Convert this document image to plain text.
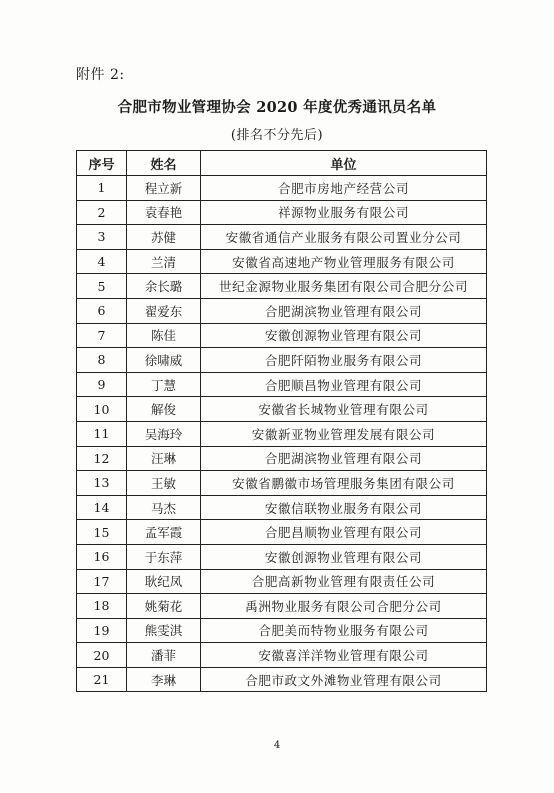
附件 2:
合肥市物业管理协会 2020 年度优秀通讯员名单
(排名不分先后)
序号	姓名	单位
1	程立新	合肥市房地产经营公司
2	袁春艳	祥源物业服务有限公司
3	苏健	安徽省通信产业服务有限公司置业分公司
4	兰清	安徽省高速地产物业管理服务有限公司
5	余长璐	世纪金源物业服务集团有限公司合肥分公司
6	翟爱东	合肥湖滨物业管理有限公司
7	陈佳	安徽创源物业管理有限公司
8	徐啸威	合肥阡陌物业服务有限公司
9	丁慧	合肥顺昌物业管理有限公司
10	解俊	安徽省长城物业管理有限公司
11	吴海玲	安徽新亚物业管理发展有限公司
12	汪琳	合肥湖滨物业管理有限公司
13	王敏	安徽省鹏徽市场管理服务集团有限公司
14	马杰	安徽信联物业服务有限公司
15	孟军霞	合肥昌顺物业管理有限公司
16	于东萍	安徽创源物业管理有限公司
17	耿纪凤	合肥高新物业管理有限责任公司
18	姚菊花	禹洲物业服务有限公司合肥分公司
19	熊雯淇	合肥美而特物业服务有限公司
20	潘菲	安徽喜洋洋物业管理有限公司
21	李琳	合肥市政文外滩物业管理有限公司
4
